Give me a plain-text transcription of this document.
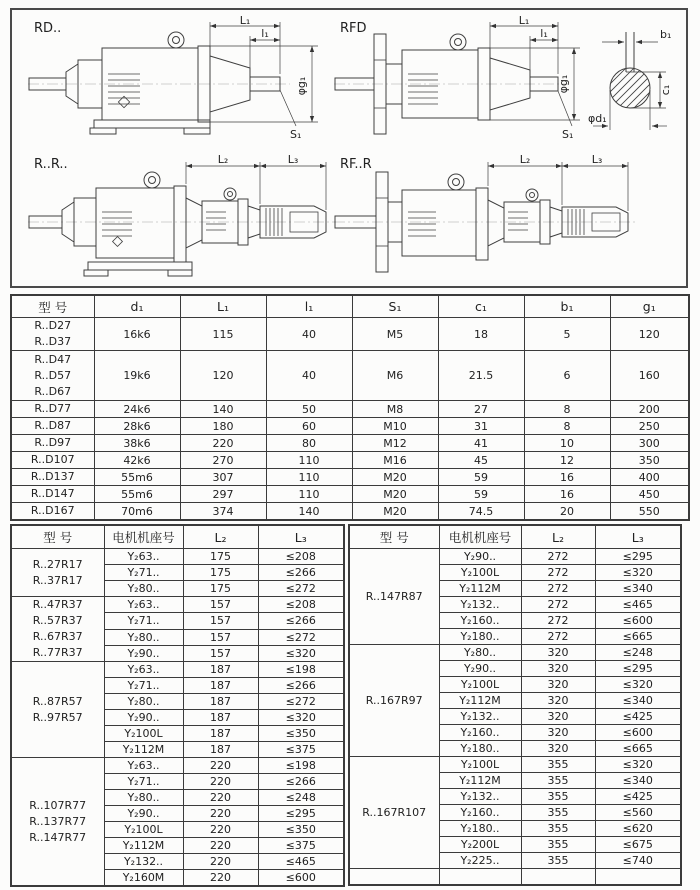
RD..
L₁
l₁
φg₁
S₁
RFD
L₁
l₁
φg₁
S₁
b₁
c₁
φd₁
R..R..	L₂	L₃	RF..R	L₂	L₃
型 号	d₁	L₁	l₁	S₁	c₁	b₁	g₁

R..D27
R..D37	16k6	115	40	M5	18	5	120

R..D47
R..D57
R..D67	19k6	120	40	M6	21.5	6	160

R..D77	24k6	140	50	M8	27	8	200

R..D87	28k6	180	60	M10	31	8	250

R..D97	38k6	220	80	M12	41	10	300

R..D107	42k6	270	110	M16	45	12	350

R..D137	55m6	307	110	M20	59	16	400

R..D147	55m6	297	110	M20	59	16	450

R..D167	70m6	374	140	M20	74.5	20	550
型 号	电机机座号	L₂	L₃

R..27R17
R..37R17	Y₂63..	175	≤208
	Y₂71..	175	≤266
	Y₂80..	175	≤272

R..47R37
R..57R37
R..67R37
R..77R37	Y₂63..	157	≤208
	Y₂71..	157	≤266
	Y₂80..	157	≤272
	Y₂90..	157	≤320

R..87R57
R..97R57	Y₂63..	187	≤198
	Y₂71..	187	≤266
	Y₂80..	187	≤272
	Y₂90..	187	≤320
	Y₂100L	187	≤350
	Y₂112M	187	≤375

R..107R77
R..137R77
R..147R77	Y₂63..	220	≤198
	Y₂71..	220	≤266
	Y₂80..	220	≤248
	Y₂90..	220	≤295
	Y₂100L	220	≤350
	Y₂112M	220	≤375
	Y₂132..	220	≤465
	Y₂160M	220	≤600
型 号	电机机座号	L₂	L₃

R..147R87	Y₂90..	272	≤295
	Y₂100L	272	≤320
	Y₂112M	272	≤340
	Y₂132..	272	≤465
	Y₂160..	272	≤600
	Y₂180..	272	≤665

R..167R97	Y₂80..	320	≤248
	Y₂90..	320	≤295
	Y₂100L	320	≤320
	Y₂112M	320	≤340
	Y₂132..	320	≤425
	Y₂160..	320	≤600
	Y₂180..	320	≤665

R..167R107	Y₂100L	355	≤320
	Y₂112M	355	≤340
	Y₂132..	355	≤425
	Y₂160..	355	≤560
	Y₂180..	355	≤620
	Y₂200L	355	≤675
	Y₂225..	355	≤740
